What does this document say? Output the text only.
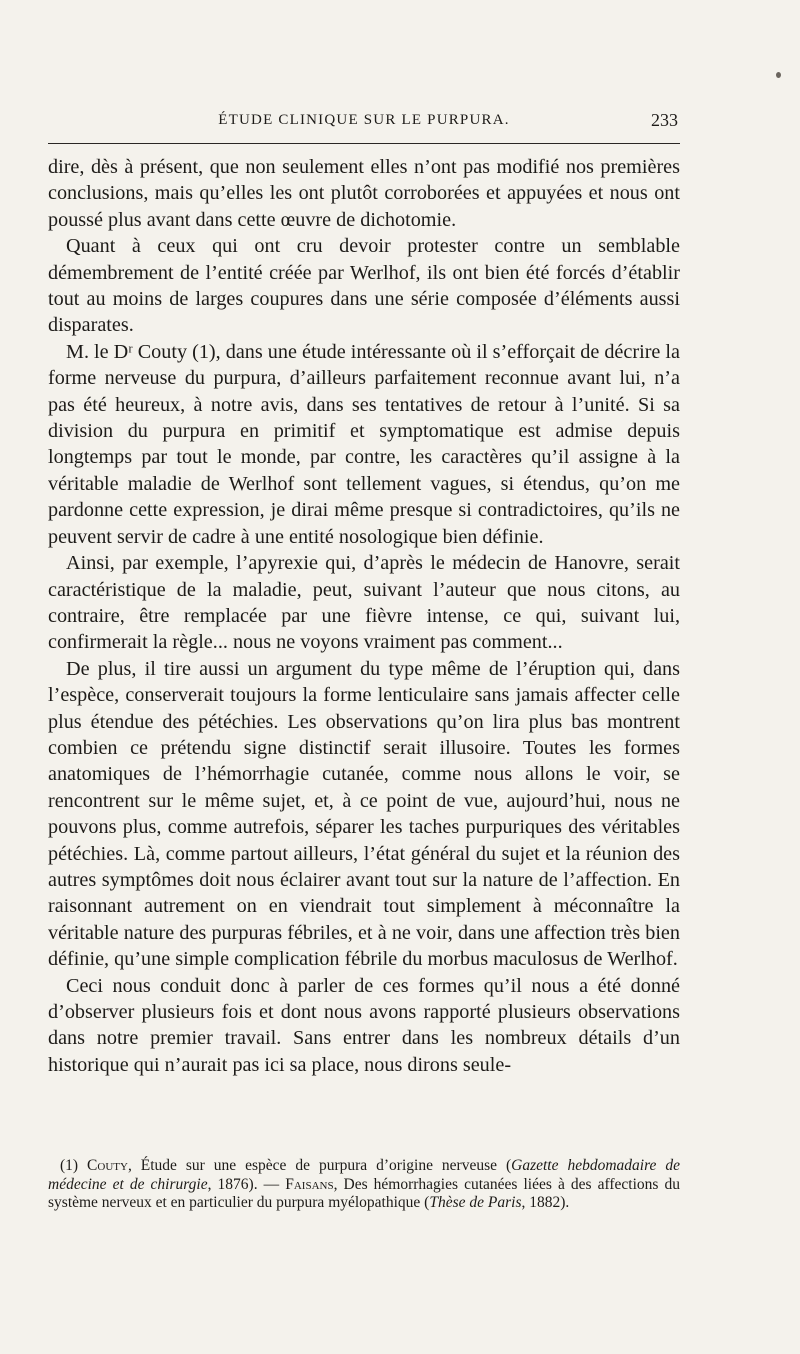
ÉTUDE CLINIQUE SUR LE PURPURA.	233

dire, dès à présent, que non seulement elles n’ont pas modifié nos premières conclusions, mais qu’elles les ont plutôt corroborées et appuyées et nous ont poussé plus avant dans cette œuvre de dichotomie.

Quant à ceux qui ont cru devoir protester contre un semblable démembrement de l’entité créée par Werlhof, ils ont bien été forcés d’établir tout au moins de larges coupures dans une série composée d’éléments aussi disparates.

M. le Dʳ Couty (1), dans une étude intéressante où il s’efforçait de décrire la forme nerveuse du purpura, d’ailleurs parfaitement reconnue avant lui, n’a pas été heureux, à notre avis, dans ses tentatives de retour à l’unité. Si sa division du purpura en primitif et symptomatique est admise depuis longtemps par tout le monde, par contre, les caractères qu’il assigne à la véritable maladie de Werlhof sont tellement vagues, si étendus, qu’on me pardonne cette expression, je dirai même presque si contradictoires, qu’ils ne peuvent servir de cadre à une entité nosologique bien définie.

Ainsi, par exemple, l’apyrexie qui, d’après le médecin de Hanovre, serait caractéristique de la maladie, peut, suivant l’auteur que nous citons, au contraire, être remplacée par une fièvre intense, ce qui, suivant lui, confirmerait la règle... nous ne voyons vraiment pas comment...

De plus, il tire aussi un argument du type même de l’éruption qui, dans l’espèce, conserverait toujours la forme lenticulaire sans jamais affecter celle plus étendue des pétéchies. Les observations qu’on lira plus bas montrent combien ce prétendu signe distinctif serait illusoire. Toutes les formes anatomiques de l’hémorrhagie cutanée, comme nous allons le voir, se rencontrent sur le même sujet, et, à ce point de vue, aujourd’hui, nous ne pouvons plus, comme autrefois, séparer les taches purpuriques des véritables pétéchies. Là, comme partout ailleurs, l’état général du sujet et la réunion des autres symptômes doit nous éclairer avant tout sur la nature de l’affection. En raisonnant autrement on en viendrait tout simplement à méconnaître la véritable nature des purpuras fébriles, et à ne voir, dans une affection très bien définie, qu’une simple complication fébrile du morbus maculosus de Werlhof.

Ceci nous conduit donc à parler de ces formes qu’il nous a été donné d’observer plusieurs fois et dont nous avons rapporté plusieurs observations dans notre premier travail. Sans entrer dans les nombreux détails d’un historique qui n’aurait pas ici sa place, nous dirons seule-

(1) Couty, Étude sur une espèce de purpura d’origine nerveuse (Gazette hebdomadaire de médecine et de chirurgie, 1876). — Faisans, Des hémorrhagies cutanées liées à des affections du système nerveux et en particulier du purpura myélopathique (Thèse de Paris, 1882).
